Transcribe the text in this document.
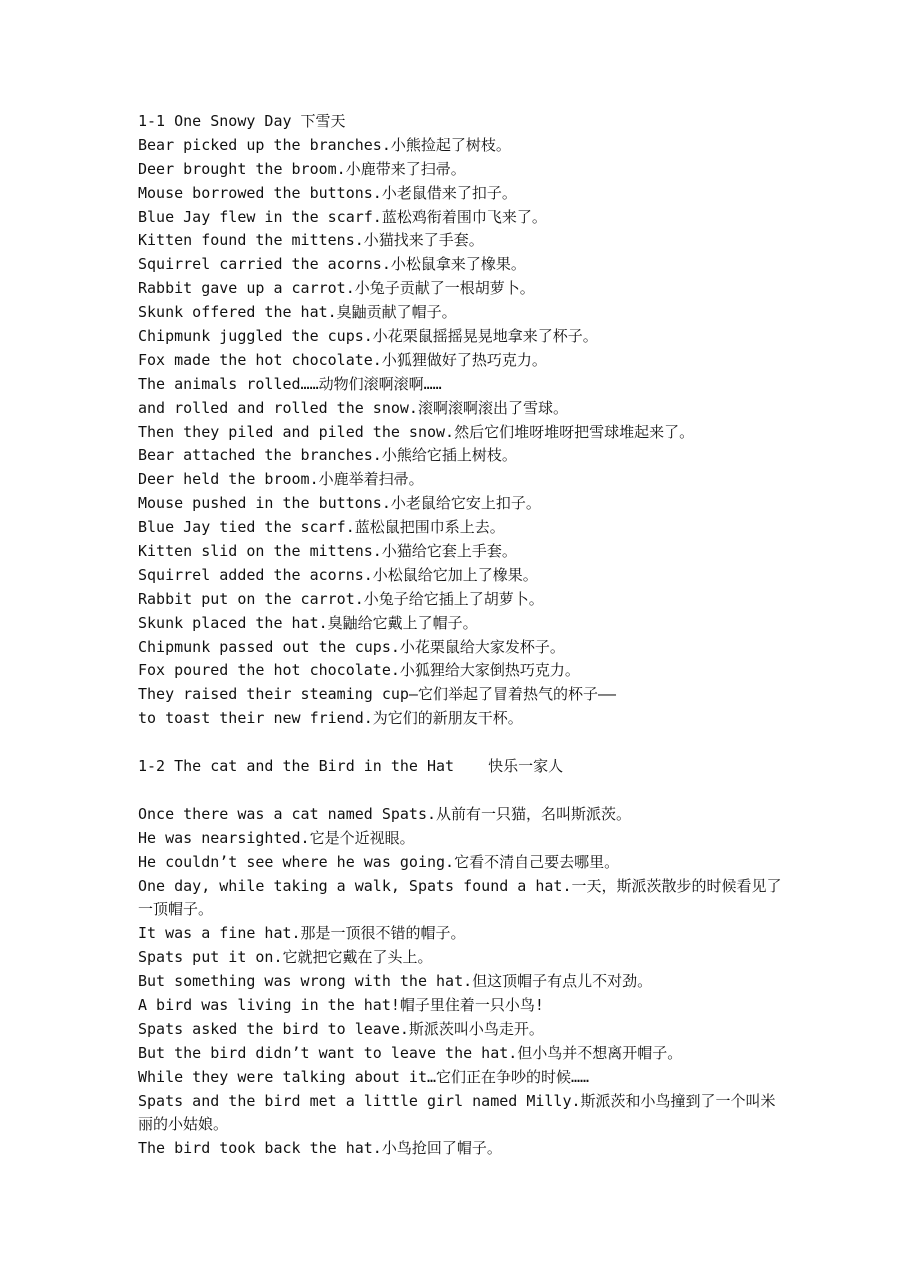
1-1 One Snowy Day 下雪天
Bear picked up the branches.小熊捡起了树枝。
Deer brought the broom.小鹿带来了扫帚。
Mouse borrowed the buttons.小老鼠借来了扣子。
Blue Jay flew in the scarf.蓝松鸡衔着围巾飞来了。
Kitten found the mittens.小猫找来了手套。
Squirrel carried the acorns.小松鼠拿来了橡果。
Rabbit gave up a carrot.小兔子贡献了一根胡萝卜。
Skunk offered the hat.臭鼬贡献了帽子。
Chipmunk juggled the cups.小花栗鼠摇摇晃晃地拿来了杯子。
Fox made the hot chocolate.小狐狸做好了热巧克力。
The animals rolled……动物们滚啊滚啊……
and rolled and rolled the snow.滚啊滚啊滚出了雪球。
Then they piled and piled the snow.然后它们堆呀堆呀把雪球堆起来了。
Bear attached the branches.小熊给它插上树枝。
Deer held the broom.小鹿举着扫帚。
Mouse pushed in the buttons.小老鼠给它安上扣子。
Blue Jay tied the scarf.蓝松鼠把围巾系上去。
Kitten slid on the mittens.小猫给它套上手套。
Squirrel added the acorns.小松鼠给它加上了橡果。
Rabbit put on the carrot.小兔子给它插上了胡萝卜。
Skunk placed the hat.臭鼬给它戴上了帽子。
Chipmunk passed out the cups.小花栗鼠给大家发杯子。
Fox poured the hot chocolate.小狐狸给大家倒热巧克力。
They raised their steaming cup—它们举起了冒着热气的杯子——
to toast their new friend.为它们的新朋友干杯。
1-2 The cat and the Bird in the Hat 快乐一家人
Once there was a cat named Spats.从前有一只猫，名叫斯派茨。
He was nearsighted.它是个近视眼。
He couldn’t see where he was going.它看不清自己要去哪里。
One day, while taking a walk, Spats found a hat.一天，斯派茨散步的时候看见了一顶帽子。
It was a fine hat.那是一顶很不错的帽子。
Spats put it on.它就把它戴在了头上。
But something was wrong with the hat.但这顶帽子有点儿不对劲。
A bird was living in the hat!帽子里住着一只小鸟!
Spats asked the bird to leave.斯派茨叫小鸟走开。
But the bird didn’t want to leave the hat.但小鸟并不想离开帽子。
While they were talking about it…它们正在争吵的时候……
Spats and the bird met a little girl named Milly.斯派茨和小鸟撞到了一个叫米丽的小姑娘。
The bird took back the hat.小鸟抢回了帽子。
